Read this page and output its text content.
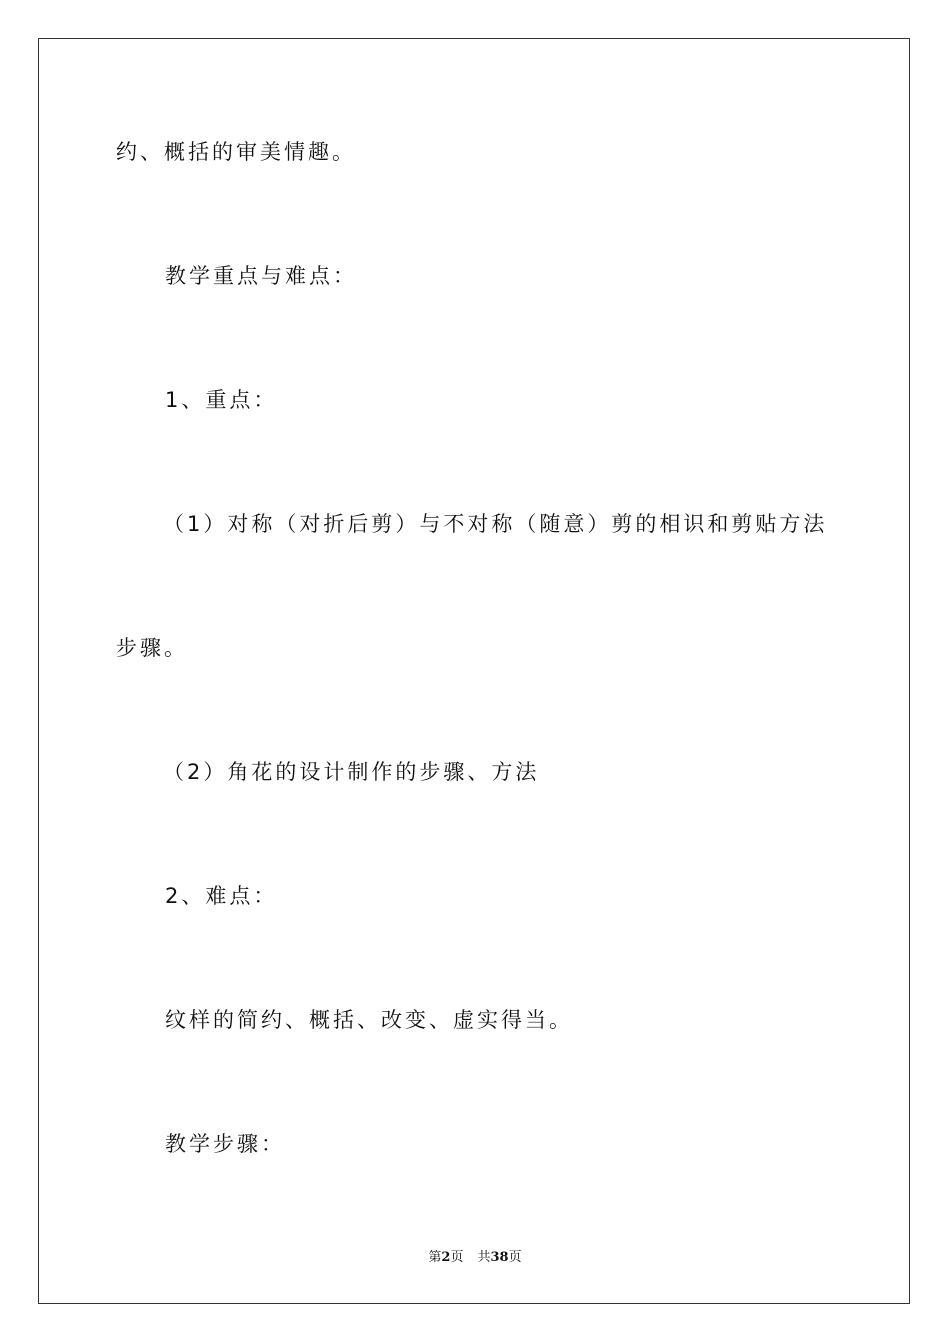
约、概括的审美情趣。
教学重点与难点：
1、重点：
（1）对称（对折后剪）与不对称（随意）剪的相识和剪贴方法
步骤。
（2）角花的设计制作的步骤、方法
2、难点：
纹样的简约、概括、改变、虚实得当。
教学步骤：
第2页 共38页
